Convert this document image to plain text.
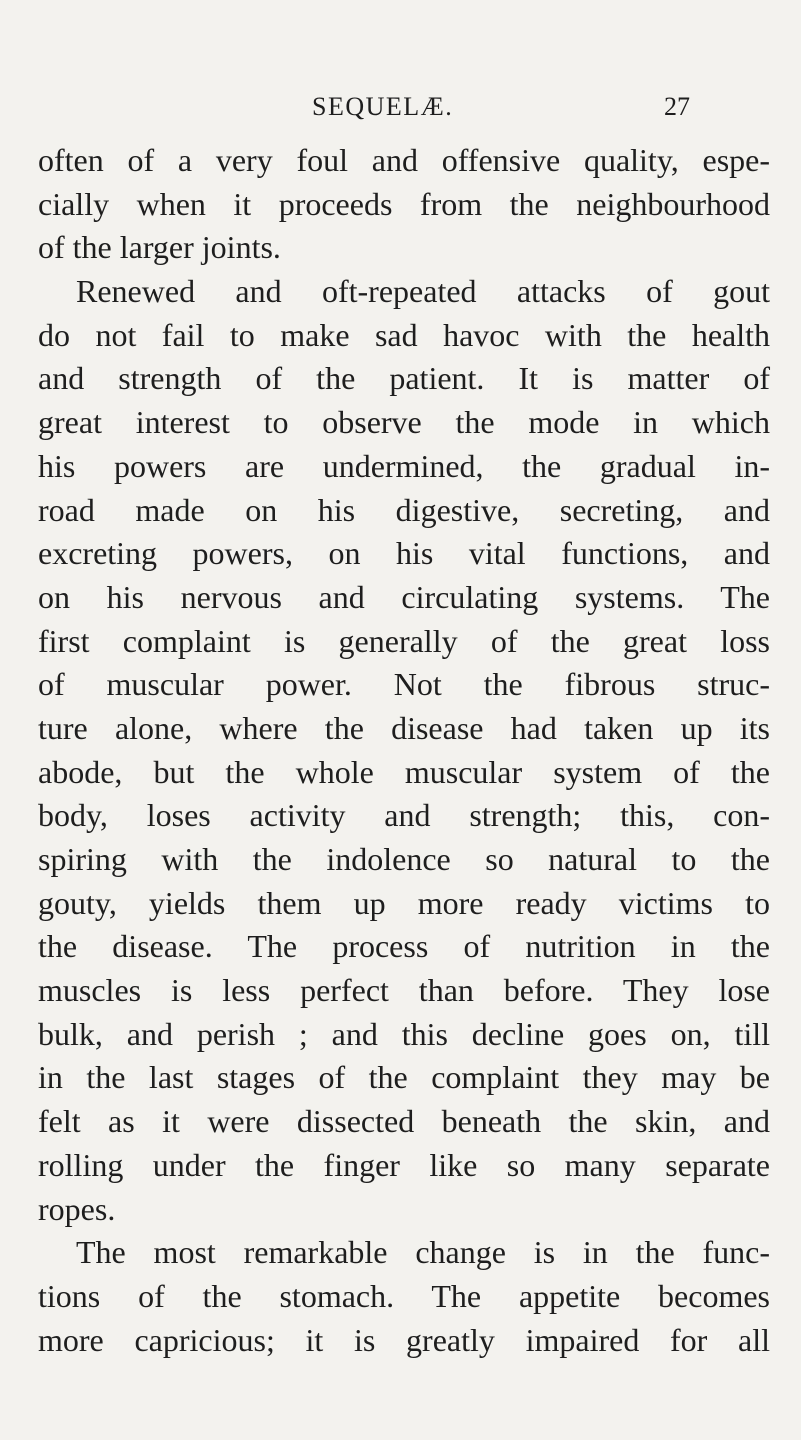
SEQUELÆ.	27
often of a very foul and offensive quality, espe-
cially when it proceeds from the neighbourhood
of the larger joints.
Renewed and oft-repeated attacks of gout
do not fail to make sad havoc with the health
and strength of the patient. It is matter of
great interest to observe the mode in which
his powers are undermined, the gradual in-
road made on his digestive, secreting, and
excreting powers, on his vital functions, and
on his nervous and circulating systems. The
first complaint is generally of the great loss
of muscular power. Not the fibrous struc-
ture alone, where the disease had taken up its
abode, but the whole muscular system of the
body, loses activity and strength; this, con-
spiring with the indolence so natural to the
gouty, yields them up more ready victims to
the disease. The process of nutrition in the
muscles is less perfect than before. They lose
bulk, and perish ; and this decline goes on, till
in the last stages of the complaint they may be
felt as it were dissected beneath the skin, and
rolling under the finger like so many separate
ropes.
The most remarkable change is in the func-
tions of the stomach. The appetite becomes
more capricious; it is greatly impaired for all
